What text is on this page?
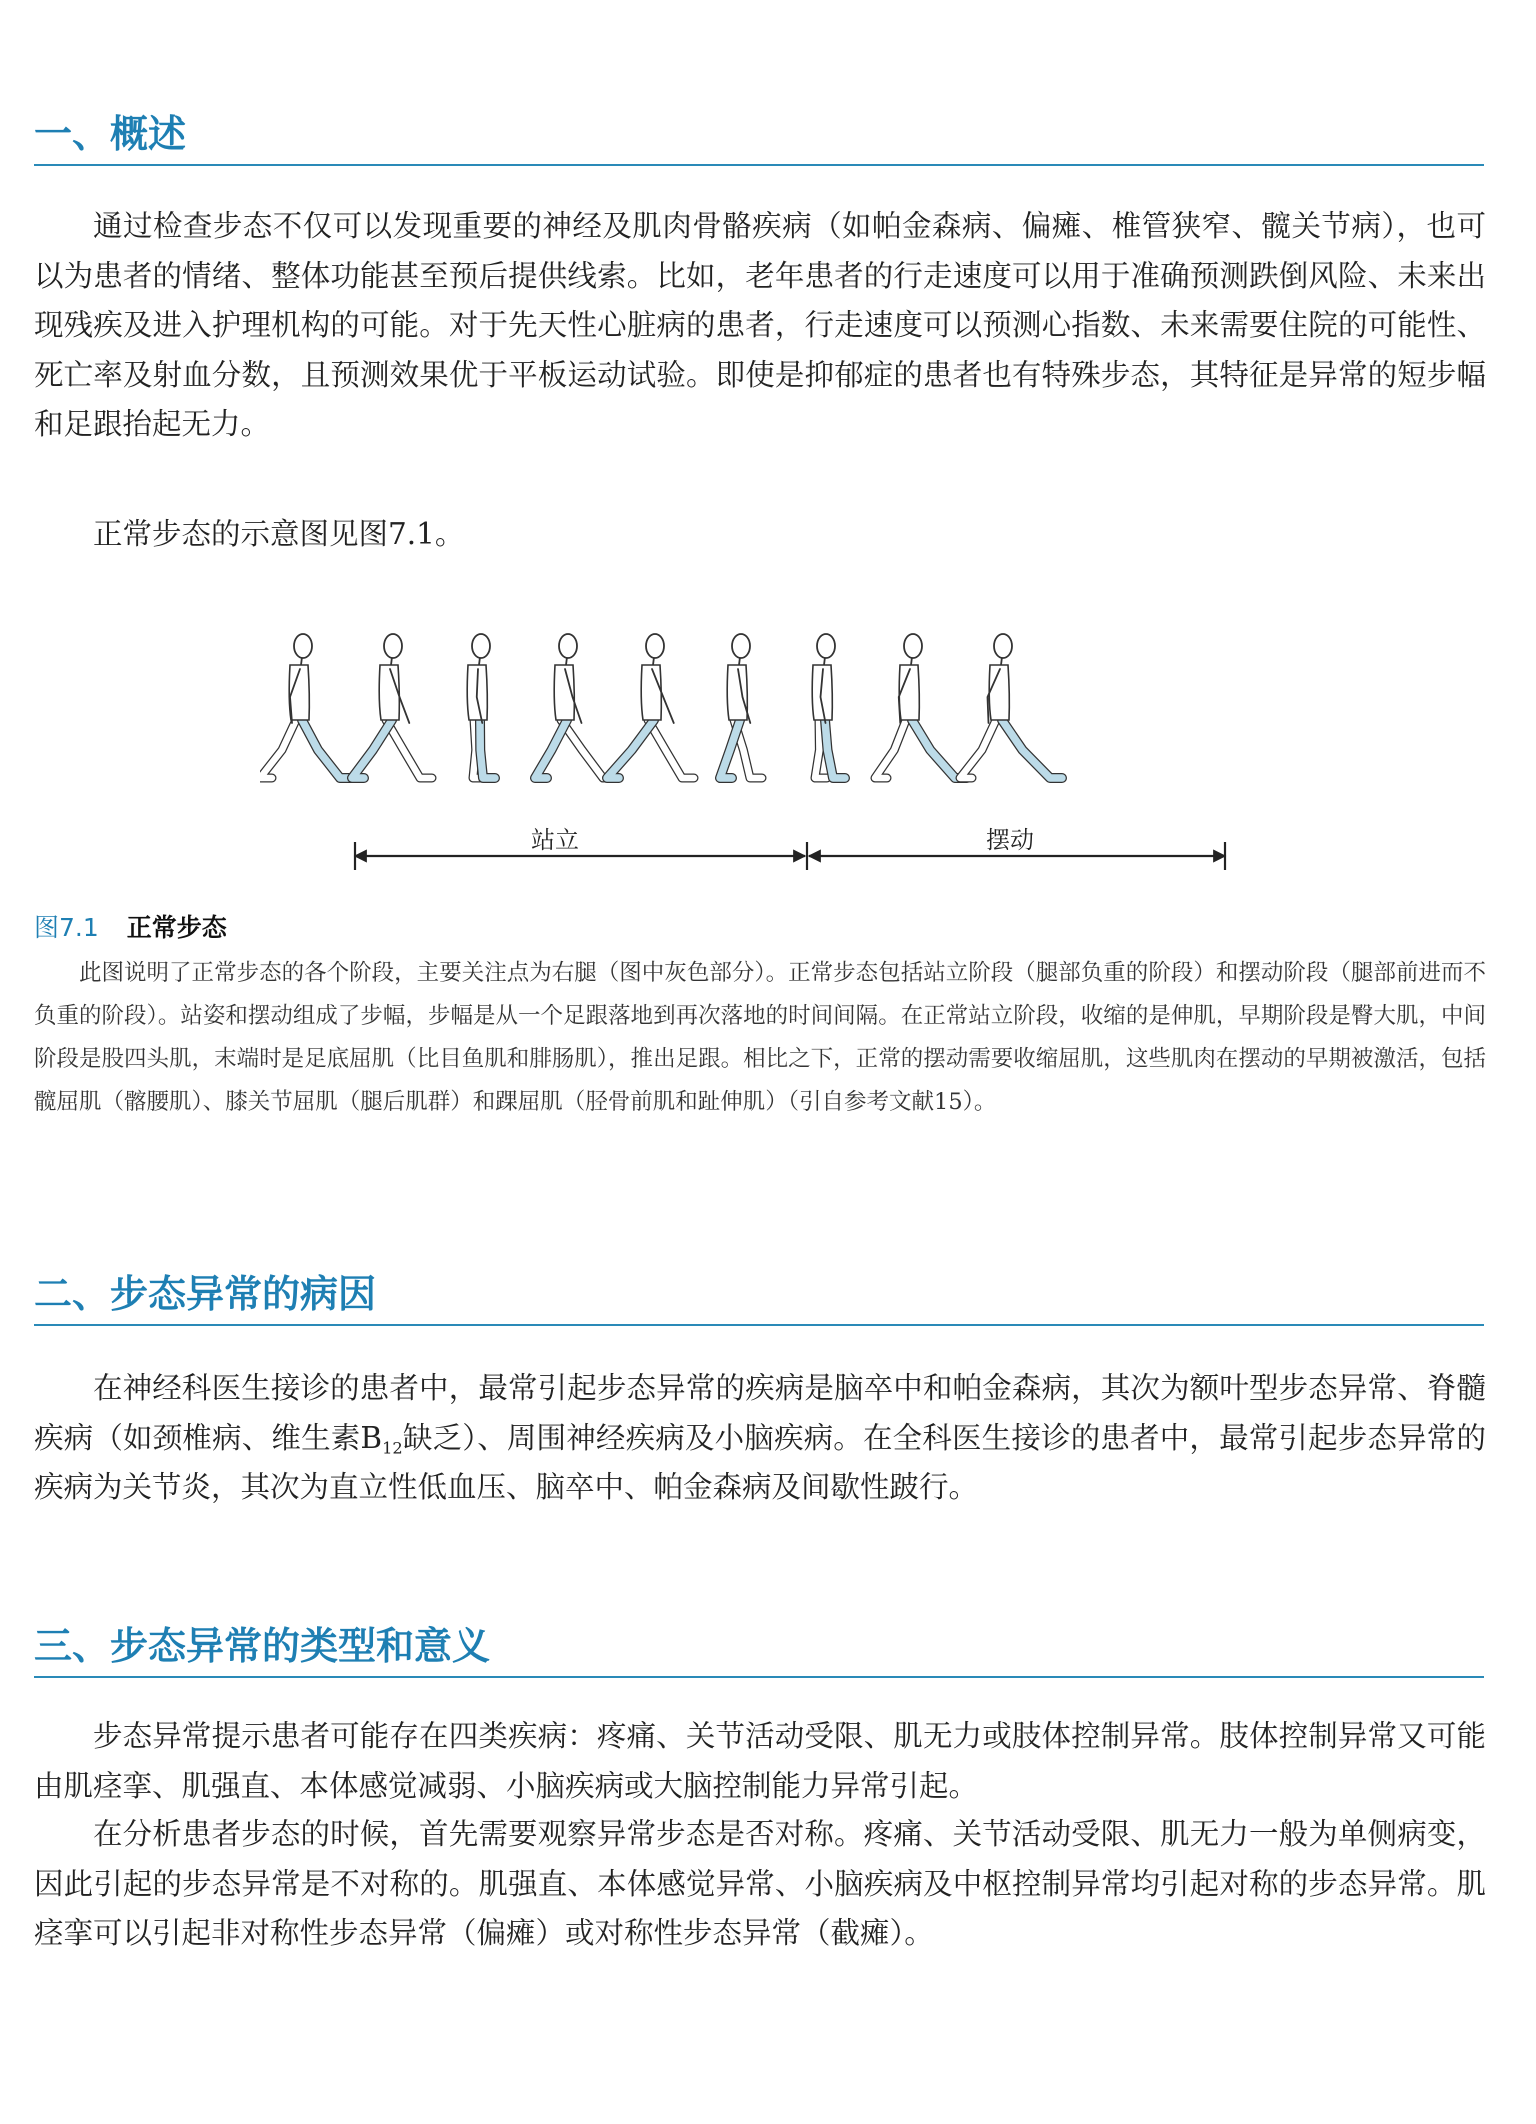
一、概述

通过检查步态不仅可以发现重要的神经及肌肉骨骼疾病（如帕金森病、偏瘫、椎管狭窄、髋关节病），也可以为患者的情绪、整体功能甚至预后提供线索。比如，老年患者的行走速度可以用于准确预测跌倒风险、未来出现残疾及进入护理机构的可能。对于先天性心脏病的患者，行走速度可以预测心指数、未来需要住院的可能性、死亡率及射血分数，且预测效果优于平板运动试验。即使是抑郁症的患者也有特殊步态，其特征是异常的短步幅和足跟抬起无力。

正常步态的示意图见图7.1。

站立	摆动
图7.1 正常步态

此图说明了正常步态的各个阶段，主要关注点为右腿（图中灰色部分）。正常步态包括站立阶段（腿部负重的阶段）和摆动阶段（腿部前进而不负重的阶段）。站姿和摆动组成了步幅，步幅是从一个足跟落地到再次落地的时间间隔。在正常站立阶段，收缩的是伸肌，早期阶段是臀大肌，中间阶段是股四头肌，末端时是足底屈肌（比目鱼肌和腓肠肌），推出足跟。相比之下，正常的摆动需要收缩屈肌，这些肌肉在摆动的早期被激活，包括髋屈肌（髂腰肌）、膝关节屈肌（腿后肌群）和踝屈肌（胫骨前肌和趾伸肌）（引自参考文献15）。

二、步态异常的病因

在神经科医生接诊的患者中，最常引起步态异常的疾病是脑卒中和帕金森病，其次为额叶型步态异常、脊髓疾病（如颈椎病、维生素$B_{12}$缺乏）、周围神经疾病及小脑疾病。在全科医生接诊的患者中，最常引起步态异常的疾病为关节炎，其次为直立性低血压、脑卒中、帕金森病及间歇性跛行。

三、步态异常的类型和意义

步态异常提示患者可能存在四类疾病：疼痛、关节活动受限、肌无力或肢体控制异常。肢体控制异常又可能由肌痉挛、肌强直、本体感觉减弱、小脑疾病或大脑控制能力异常引起。

在分析患者步态的时候，首先需要观察异常步态是否对称。疼痛、关节活动受限、肌无力一般为单侧病变，因此引起的步态异常是不对称的。肌强直、本体感觉异常、小脑疾病及中枢控制异常均引起对称的步态异常。肌痉挛可以引起非对称性步态异常（偏瘫）或对称性步态异常（截瘫）。
